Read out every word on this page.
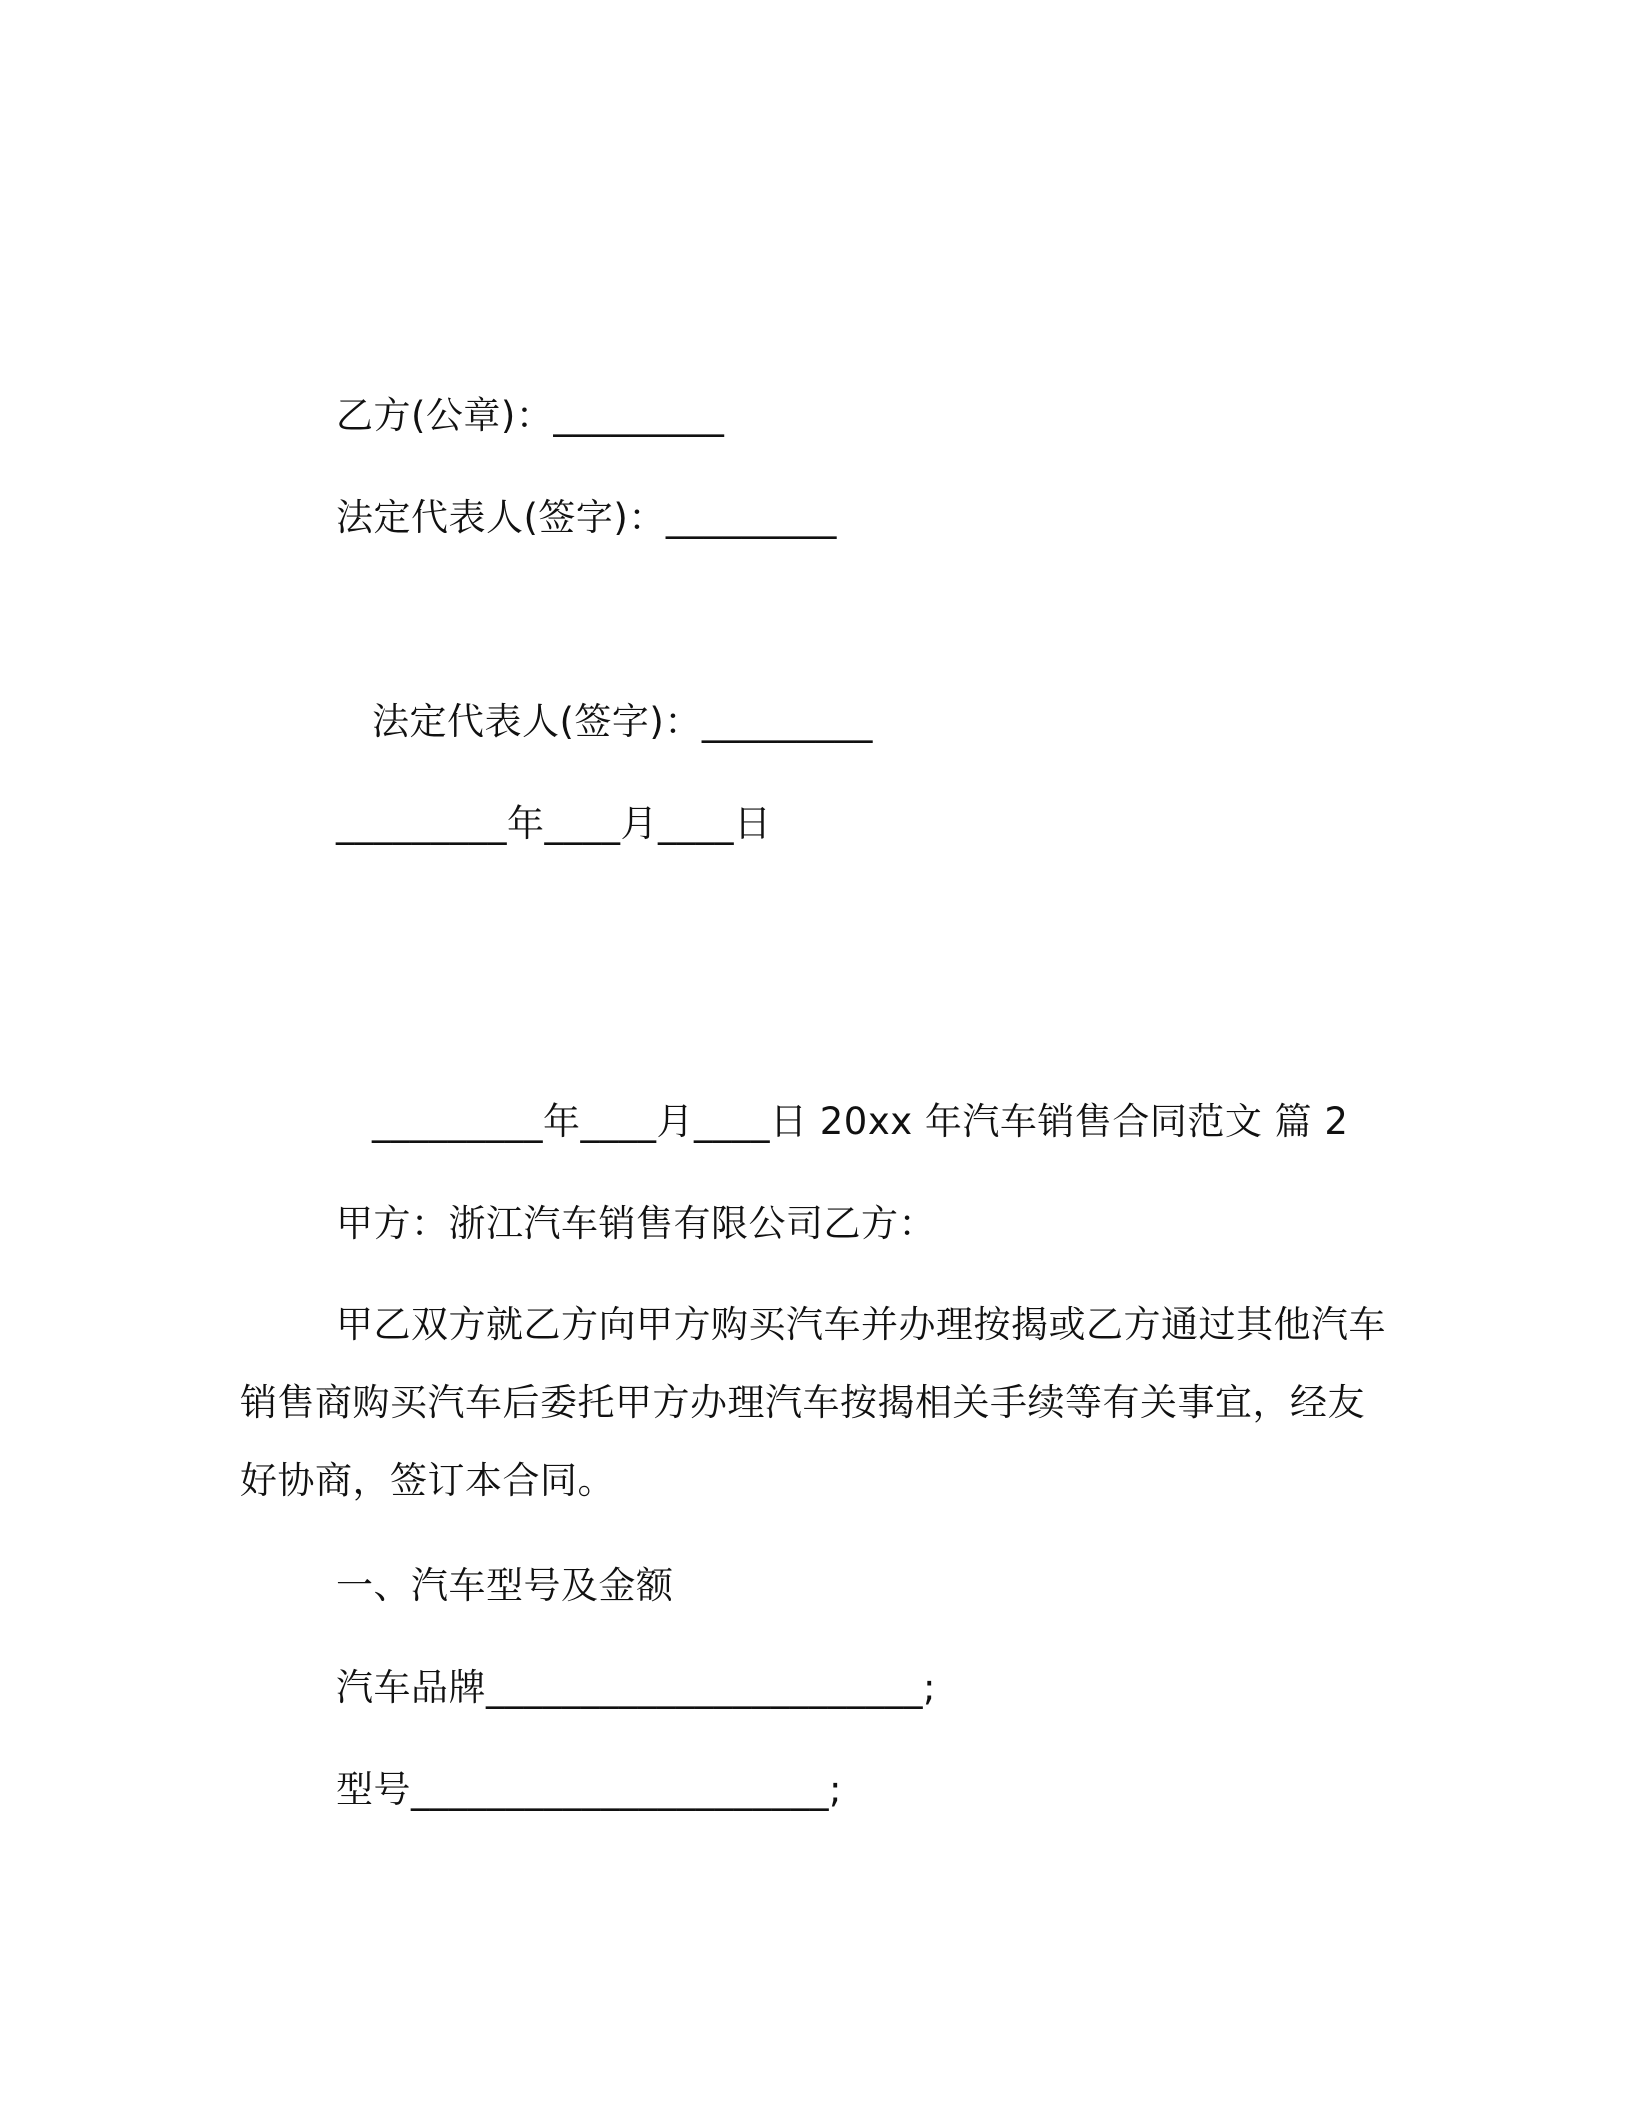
乙方(公章)：_________
法定代表人(签字)：_________
法定代表人(签字)：_________
_________年____月____日
_________年____月____日 20xx 年汽车销售合同范文 篇 2
甲方：浙江汽车销售有限公司乙方：

甲乙双方就乙方向甲方购买汽车并办理按揭或乙方通过其他汽车销售商购买汽车后委托甲方办理汽车按揭相关手续等有关事宜，经友好协商，签订本合同。

一、汽车型号及金额
汽车品牌_______________________;
型号______________________;
